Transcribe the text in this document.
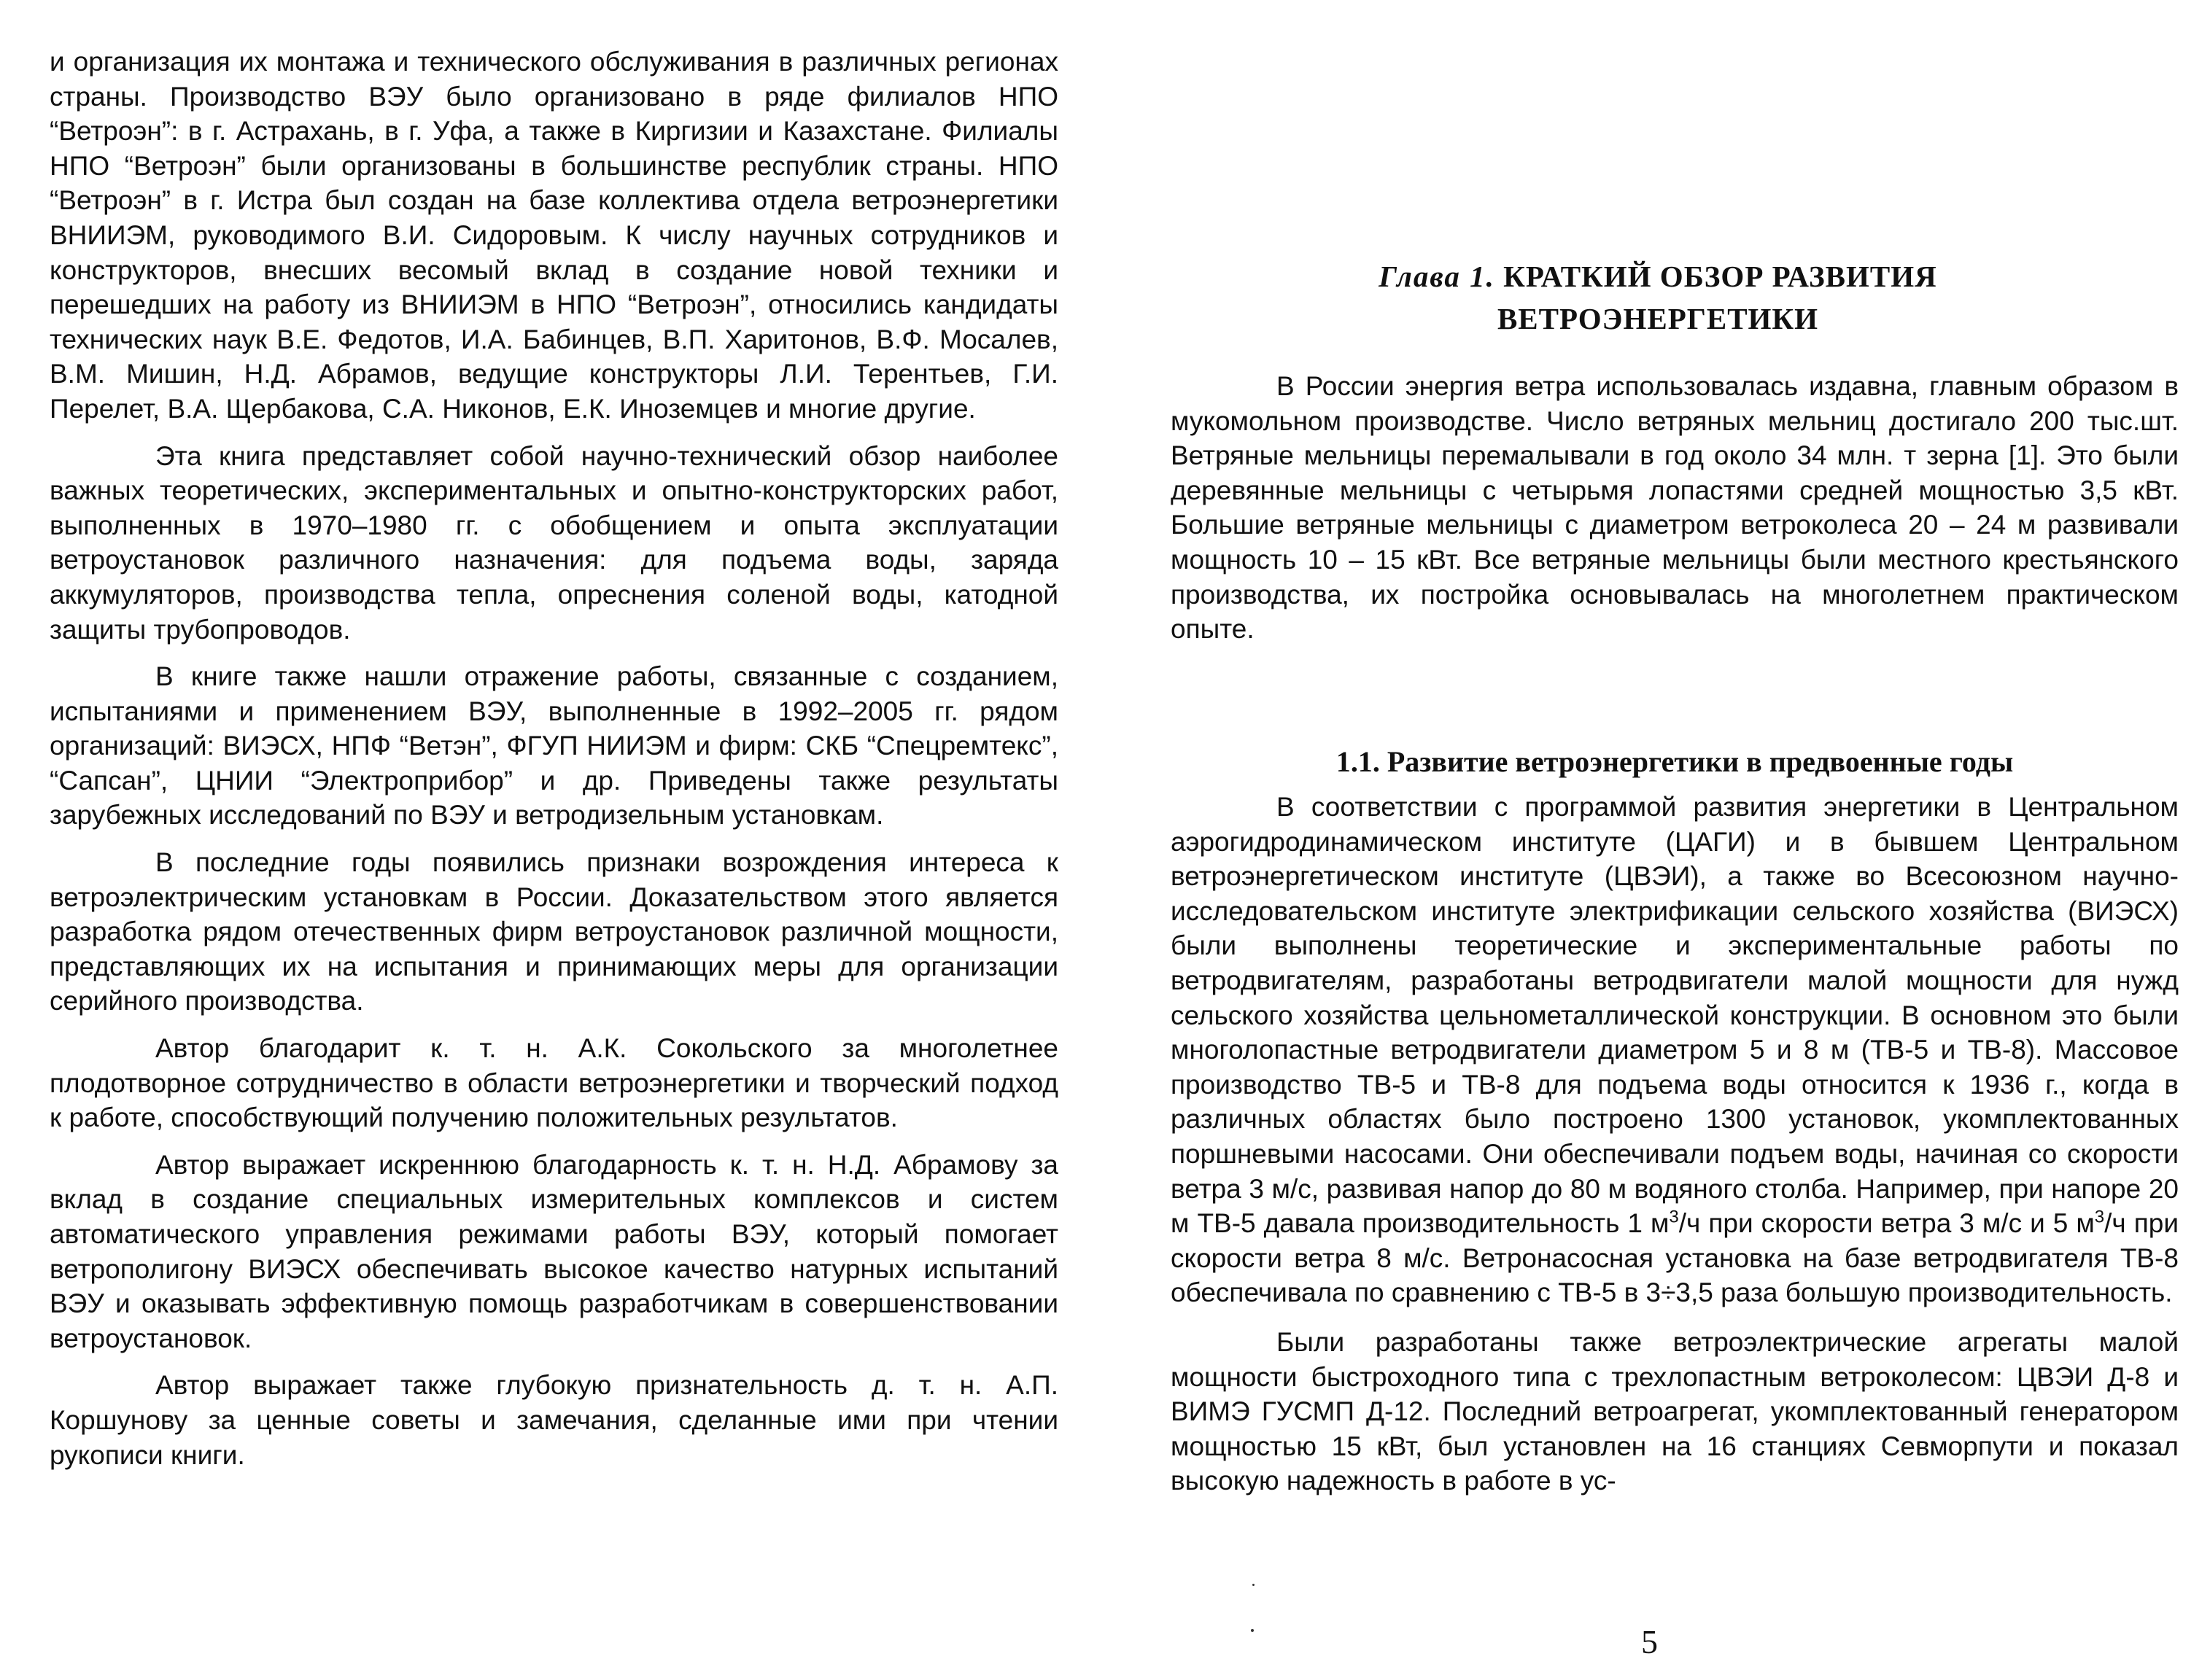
и организация их монтажа и технического обслуживания в различных регионах страны. Производство ВЭУ было организовано в ряде филиалов НПО “Ветроэн”: в г. Астрахань, в г. Уфа, а также в Киргизии и Казахстане. Филиалы НПО “Ветроэн” были организованы в большинстве республик страны. НПО “Ветроэн” в г. Истра был создан на базе коллектива отдела ветроэнергетики ВНИИЭМ, руководимого В.И. Сидоровым. К числу научных сотрудников и конструкторов, внесших весомый вклад в создание новой техники и перешедших на работу из ВНИИЭМ в НПО “Ветроэн”, относились кандидаты технических наук В.Е. Федотов, И.А. Бабинцев, В.П. Харитонов, В.Ф. Мосалев, В.М. Мишин, Н.Д. Абрамов, ведущие конструкторы Л.И. Терентьев, Г.И. Перелет, В.А. Щербакова, С.А. Никонов, Е.К. Иноземцев и многие другие.

Эта книга представляет собой научно-технический обзор наиболее важных теоретических, экспериментальных и опытно-конструкторских работ, выполненных в 1970–1980 гг. с обобщением и опыта эксплуатации ветроустановок различного назначения: для подъема воды, заряда аккумуляторов, производства тепла, опреснения соленой воды, катодной защиты трубопроводов.

В книге также нашли отражение работы, связанные с созданием, испытаниями и применением ВЭУ, выполненные в 1992–2005 гг. рядом организаций: ВИЭСХ, НПФ “Ветэн”, ФГУП НИИЭМ и фирм: СКБ “Спецремтекс”, “Сапсан”, ЦНИИ “Электроприбор” и др. Приведены также результаты зарубежных исследований по ВЭУ и ветродизельным установкам.

В последние годы появились признаки возрождения интереса к ветроэлектрическим установкам в России. Доказательством этого является разработка рядом отечественных фирм ветроустановок различной мощности, представляющих их на испытания и принимающих меры для организации серийного производства.

Автор благодарит к. т. н. А.К. Сокольского за многолетнее плодотворное сотрудничество в области ветроэнергетики и творческий подход к работе, способствующий получению положительных результатов.

Автор выражает искреннюю благодарность к. т. н. Н.Д. Абрамову за вклад в создание специальных измерительных комплексов и систем автоматического управления режимами работы ВЭУ, который помогает ветрополигону ВИЭСХ обеспечивать высокое качество натурных испытаний ВЭУ и оказывать эффективную помощь разработчикам в совершенствовании ветроустановок.

Автор выражает также глубокую признательность д. т. н. А.П. Коршунову за ценные советы и замечания, сделанные ими при чтении рукописи книги.

Глава 1. КРАТКИЙ ОБЗОР РАЗВИТИЯ
ВЕТРОЭНЕРГЕТИКИ

В России энергия ветра использовалась издавна, главным образом в мукомольном производстве. Число ветряных мельниц достигало 200 тыс.шт. Ветряные мельницы перемалывали в год около 34 млн. т зерна [1]. Это были деревянные мельницы с четырьмя лопастями средней мощностью 3,5 кВт. Большие ветряные мельницы с диаметром ветроколеса 20 – 24 м развивали мощность 10 – 15 кВт. Все ветряные мельницы были местного крестьянского производства, их постройка основывалась на многолетнем практическом опыте.

1.1. Развитие ветроэнергетики в предвоенные годы

В соответствии с программой развития энергетики в Центральном аэрогидродинамическом институте (ЦАГИ) и в бывшем Центральном ветроэнергетическом институте (ЦВЭИ), а также во Всесоюзном научно-исследовательском институте электрификации сельского хозяйства (ВИЭСХ) были выполнены теоретические и экспериментальные работы по ветродвигателям, разработаны ветродвигатели малой мощности для нужд сельского хозяйства цельнометаллической конструкции. В основном это были многолопастные ветродвигатели диаметром 5 и 8 м (ТВ-5 и ТВ-8). Массовое производство ТВ-5 и ТВ-8 для подъема воды относится к 1936 г., когда в различных областях было построено 1300 установок, укомплектованных поршневыми насосами. Они обеспечивали подъем воды, начиная со скорости ветра 3 м/с, развивая напор до 80 м водяного столба. Например, при напоре 20 м ТВ-5 давала производительность 1 $м^3/ч$ при скорости ветра 3 м/с и 5 $м^3/ч$ при скорости ветра 8 м/с. Ветронасосная установка на базе ветродвигателя ТВ-8 обеспечивала по сравнению с ТВ-5 в 3÷3,5 раза большую производительность.

Были разработаны также ветроэлектрические агрегаты малой мощности быстроходного типа с трехлопастным ветроколесом: ЦВЭИ Д-8 и ВИМЭ ГУСМП Д-12. Последний ветроагрегат, укомплектованный генератором мощностью 15 кВт, был установлен на 16 станциях Севморпути и показал высокую надежность в работе в ус-

5
